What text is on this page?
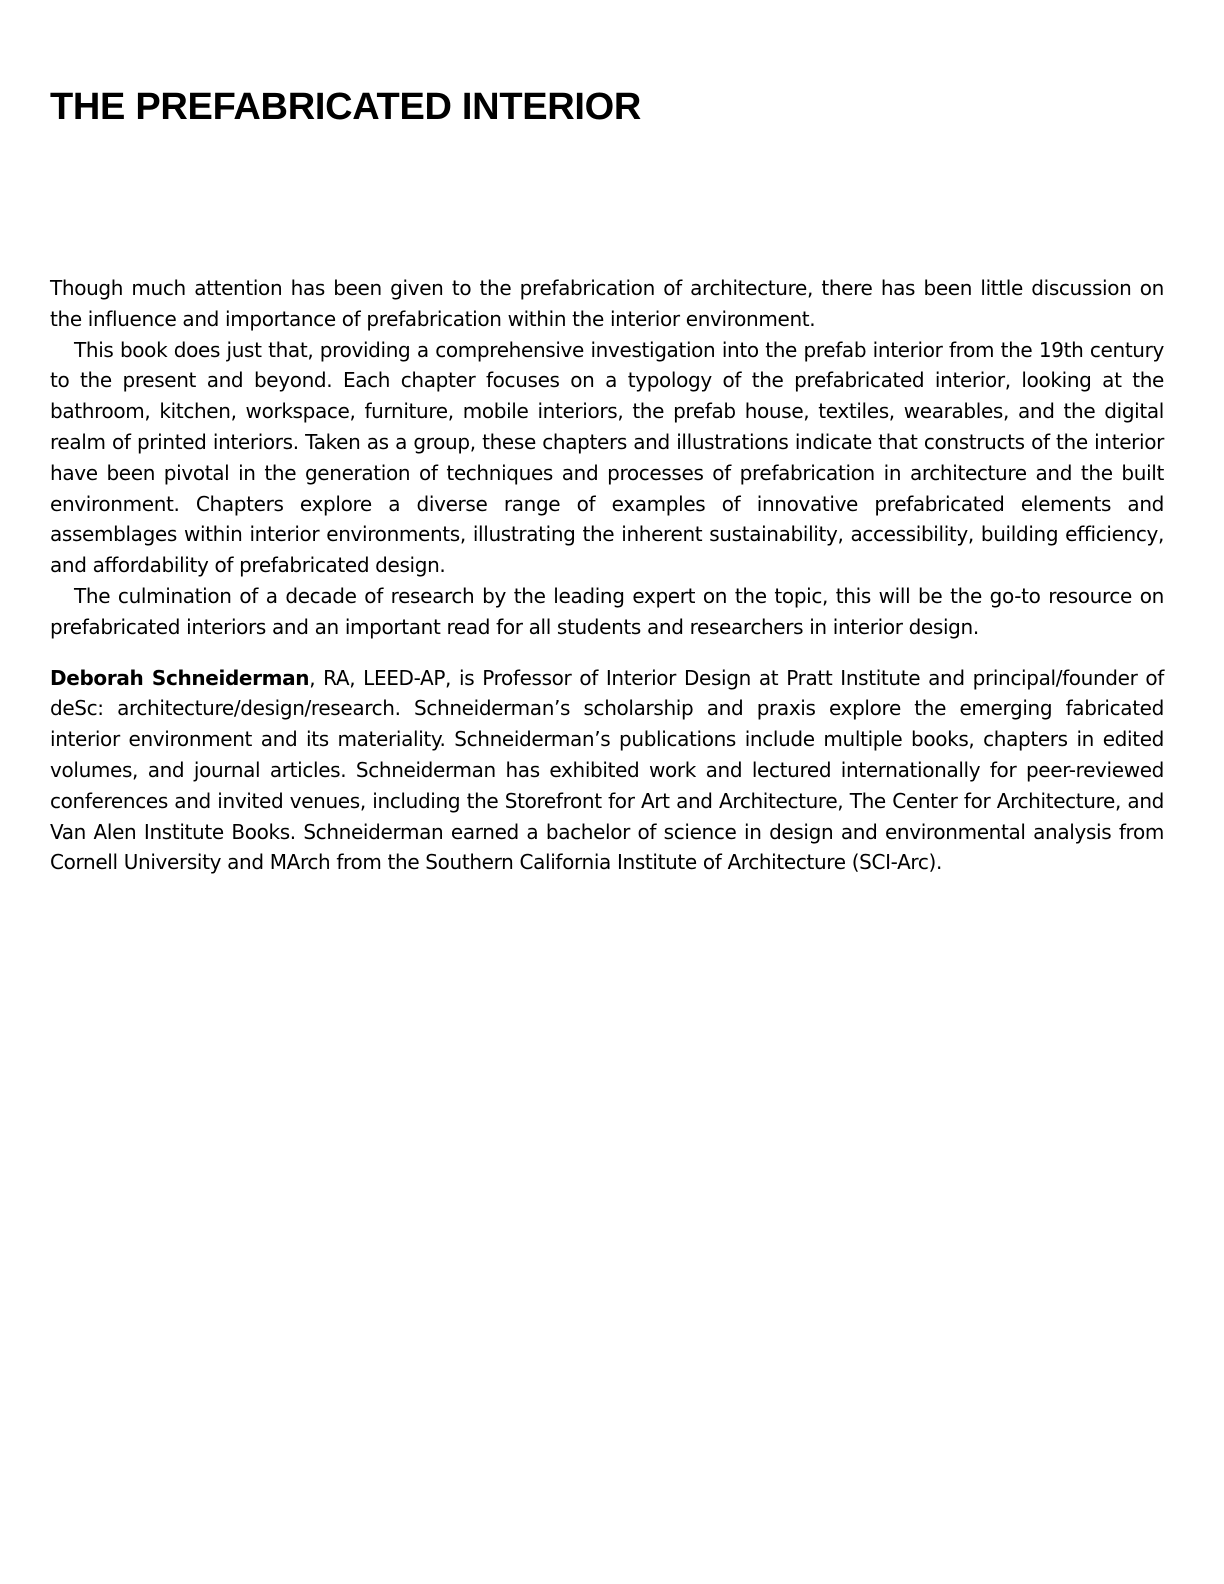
THE PREFABRICATED INTERIOR

Though much attention has been given to the prefabrication of architecture, there has been little discussion on the influence and importance of prefabrication within the interior environment.

This book does just that, providing a comprehensive investigation into the prefab interior from the 19th century to the present and beyond. Each chapter focuses on a typology of the prefabricated interior, looking at the bathroom, kitchen, workspace, furniture, mobile interiors, the prefab house, textiles, wearables, and the digital realm of printed interiors. Taken as a group, these chapters and illustrations indicate that constructs of the interior have been pivotal in the generation of techniques and processes of prefabrication in architecture and the built environment. Chapters explore a diverse range of examples of innovative prefabricated elements and assemblages within interior environments, illustrating the inherent sustainability, accessibility, building efficiency, and affordability of prefabricated design.

The culmination of a decade of research by the leading expert on the topic, this will be the go-to resource on prefabricated interiors and an important read for all students and researchers in interior design.

Deborah Schneiderman, RA, LEED-AP, is Professor of Interior Design at Pratt Institute and principal/founder of deSc: architecture/design/research. Schneiderman’s scholarship and praxis explore the emerging fabricated interior environment and its materiality. Schneiderman’s publications include multiple books, chapters in edited volumes, and journal articles. Schneiderman has exhibited work and lectured internationally for peer-reviewed conferences and invited venues, including the Storefront for Art and Architecture, The Center for Architecture, and Van Alen Institute Books. Schneiderman earned a bachelor of science in design and environmental analysis from Cornell University and MArch from the Southern California Institute of Architecture (SCI-Arc).
